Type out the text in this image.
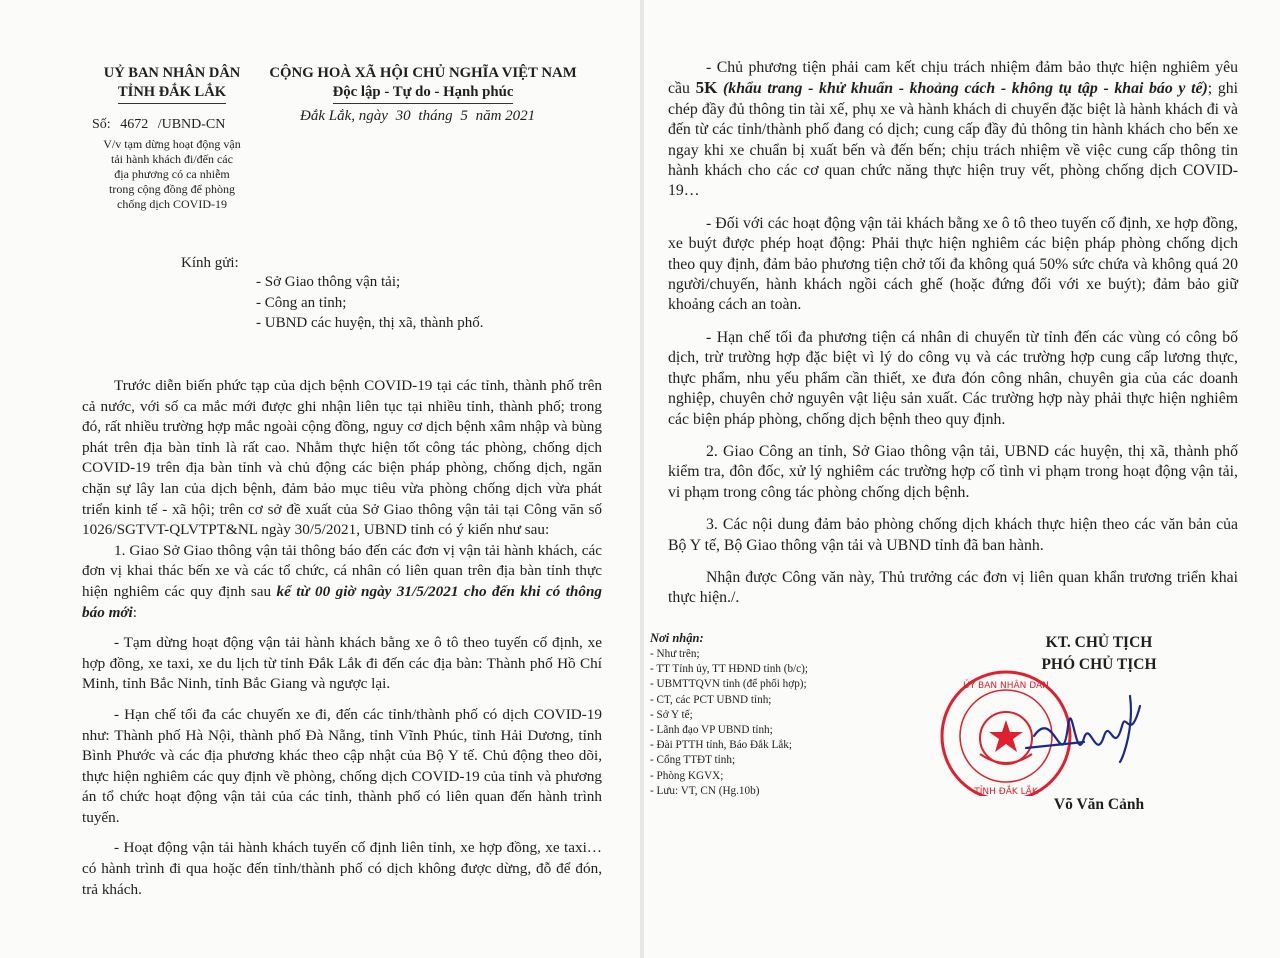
UỶ BAN NHÂN DÂN
TỈNH ĐẮK LẮK
Số: 4672 /UBND-CN
V/v tạm dừng hoạt động vận
tải hành khách đi/đến các
địa phương có ca nhiễm
trong cộng đồng để phòng
chống dịch COVID-19
CỘNG HOÀ XÃ HỘI CHỦ NGHĨA VIỆT NAM
Độc lập - Tự do - Hạnh phúc
Đắk Lắk, ngày 30 tháng 5 năm 2021
Kính gửi:
- Sở Giao thông vận tải;
- Công an tỉnh;
- UBND các huyện, thị xã, thành phố.

Trước diễn biến phức tạp của dịch bệnh COVID-19 tại các tỉnh, thành phố trên cả nước, với số ca mắc mới được ghi nhận liên tục tại nhiều tỉnh, thành phố; trong đó, rất nhiều trường hợp mắc ngoài cộng đồng, nguy cơ dịch bệnh xâm nhập và bùng phát trên địa bàn tỉnh là rất cao. Nhằm thực hiện tốt công tác phòng, chống dịch COVID-19 trên địa bàn tỉnh và chủ động các biện pháp phòng, chống dịch, ngăn chặn sự lây lan của dịch bệnh, đảm bảo mục tiêu vừa phòng chống dịch vừa phát triển kinh tế - xã hội; trên cơ sở đề xuất của Sở Giao thông vận tải tại Công văn số 1026/SGTVT-QLVTPT&NL ngày 30/5/2021, UBND tỉnh có ý kiến như sau:

1. Giao Sở Giao thông vận tải thông báo đến các đơn vị vận tải hành khách, các đơn vị khai thác bến xe và các tổ chức, cá nhân có liên quan trên địa bàn tỉnh thực hiện nghiêm các quy định sau kể từ 00 giờ ngày 31/5/2021 cho đến khi có thông báo mới:

- Tạm dừng hoạt động vận tải hành khách bằng xe ô tô theo tuyến cố định, xe hợp đồng, xe taxi, xe du lịch từ tỉnh Đắk Lắk đi đến các địa bàn: Thành phố Hồ Chí Minh, tỉnh Bắc Ninh, tỉnh Bắc Giang và ngược lại.

- Hạn chế tối đa các chuyến xe đi, đến các tỉnh/thành phố có dịch COVID-19 như: Thành phố Hà Nội, thành phố Đà Nẵng, tỉnh Vĩnh Phúc, tỉnh Hải Dương, tỉnh Bình Phước và các địa phương khác theo cập nhật của Bộ Y tế. Chủ động theo dõi, thực hiện nghiêm các quy định về phòng, chống dịch COVID-19 của tỉnh và phương án tổ chức hoạt động vận tải của các tỉnh, thành phố có liên quan đến hành trình tuyến.

- Hoạt động vận tải hành khách tuyến cố định liên tỉnh, xe hợp đồng, xe taxi… có hành trình đi qua hoặc đến tỉnh/thành phố có dịch không được dừng, đỗ để đón, trả khách.

- Chủ phương tiện phải cam kết chịu trách nhiệm đảm bảo thực hiện nghiêm yêu cầu 5K (khẩu trang - khử khuẩn - khoảng cách - không tụ tập - khai báo y tế); ghi chép đầy đủ thông tin tài xế, phụ xe và hành khách di chuyển đặc biệt là hành khách đi và đến từ các tỉnh/thành phố đang có dịch; cung cấp đầy đủ thông tin hành khách cho bến xe ngay khi xe chuẩn bị xuất bến và đến bến; chịu trách nhiệm về việc cung cấp thông tin hành khách cho các cơ quan chức năng thực hiện truy vết, phòng chống dịch COVID-19…

- Đối với các hoạt động vận tải khách bằng xe ô tô theo tuyến cố định, xe hợp đồng, xe buýt được phép hoạt động: Phải thực hiện nghiêm các biện pháp phòng chống dịch theo quy định, đảm bảo phương tiện chở tối đa không quá 50% sức chứa và không quá 20 người/chuyến, hành khách ngồi cách ghế (hoặc đứng đối với xe buýt); đảm bảo giữ khoảng cách an toàn.

- Hạn chế tối đa phương tiện cá nhân di chuyển từ tỉnh đến các vùng có công bố dịch, trừ trường hợp đặc biệt vì lý do công vụ và các trường hợp cung cấp lương thực, thực phẩm, nhu yếu phẩm cần thiết, xe đưa đón công nhân, chuyên gia của các doanh nghiệp, chuyên chở nguyên vật liệu sản xuất. Các trường hợp này phải thực hiện nghiêm các biện pháp phòng, chống dịch bệnh theo quy định.

2. Giao Công an tỉnh, Sở Giao thông vận tải, UBND các huyện, thị xã, thành phố kiểm tra, đôn đốc, xử lý nghiêm các trường hợp cố tình vi phạm trong hoạt động vận tải, vi phạm trong công tác phòng chống dịch bệnh.

3. Các nội dung đảm bảo phòng chống dịch khách thực hiện theo các văn bản của Bộ Y tế, Bộ Giao thông vận tải và UBND tỉnh đã ban hành.

Nhận được Công văn này, Thủ trưởng các đơn vị liên quan khẩn trương triển khai thực hiện./.

Nơi nhận:
- Như trên;
- TT Tỉnh ủy, TT HĐND tỉnh (b/c);
- UBMTTQVN tỉnh (để phối hợp);
- CT, các PCT UBND tỉnh;
- Sở Y tế;
- Lãnh đạo VP UBND tỉnh;
- Đài PTTH tỉnh, Báo Đắk Lắk;
- Cổng TTĐT tỉnh;
- Phòng KGVX;
- Lưu: VT, CN (Hg.10b)
KT. CHỦ TỊCH
PHÓ CHỦ TỊCH
ỦY BAN NHÂN DÂN
TỈNH ĐẮK LẮK
Võ Văn Cảnh
